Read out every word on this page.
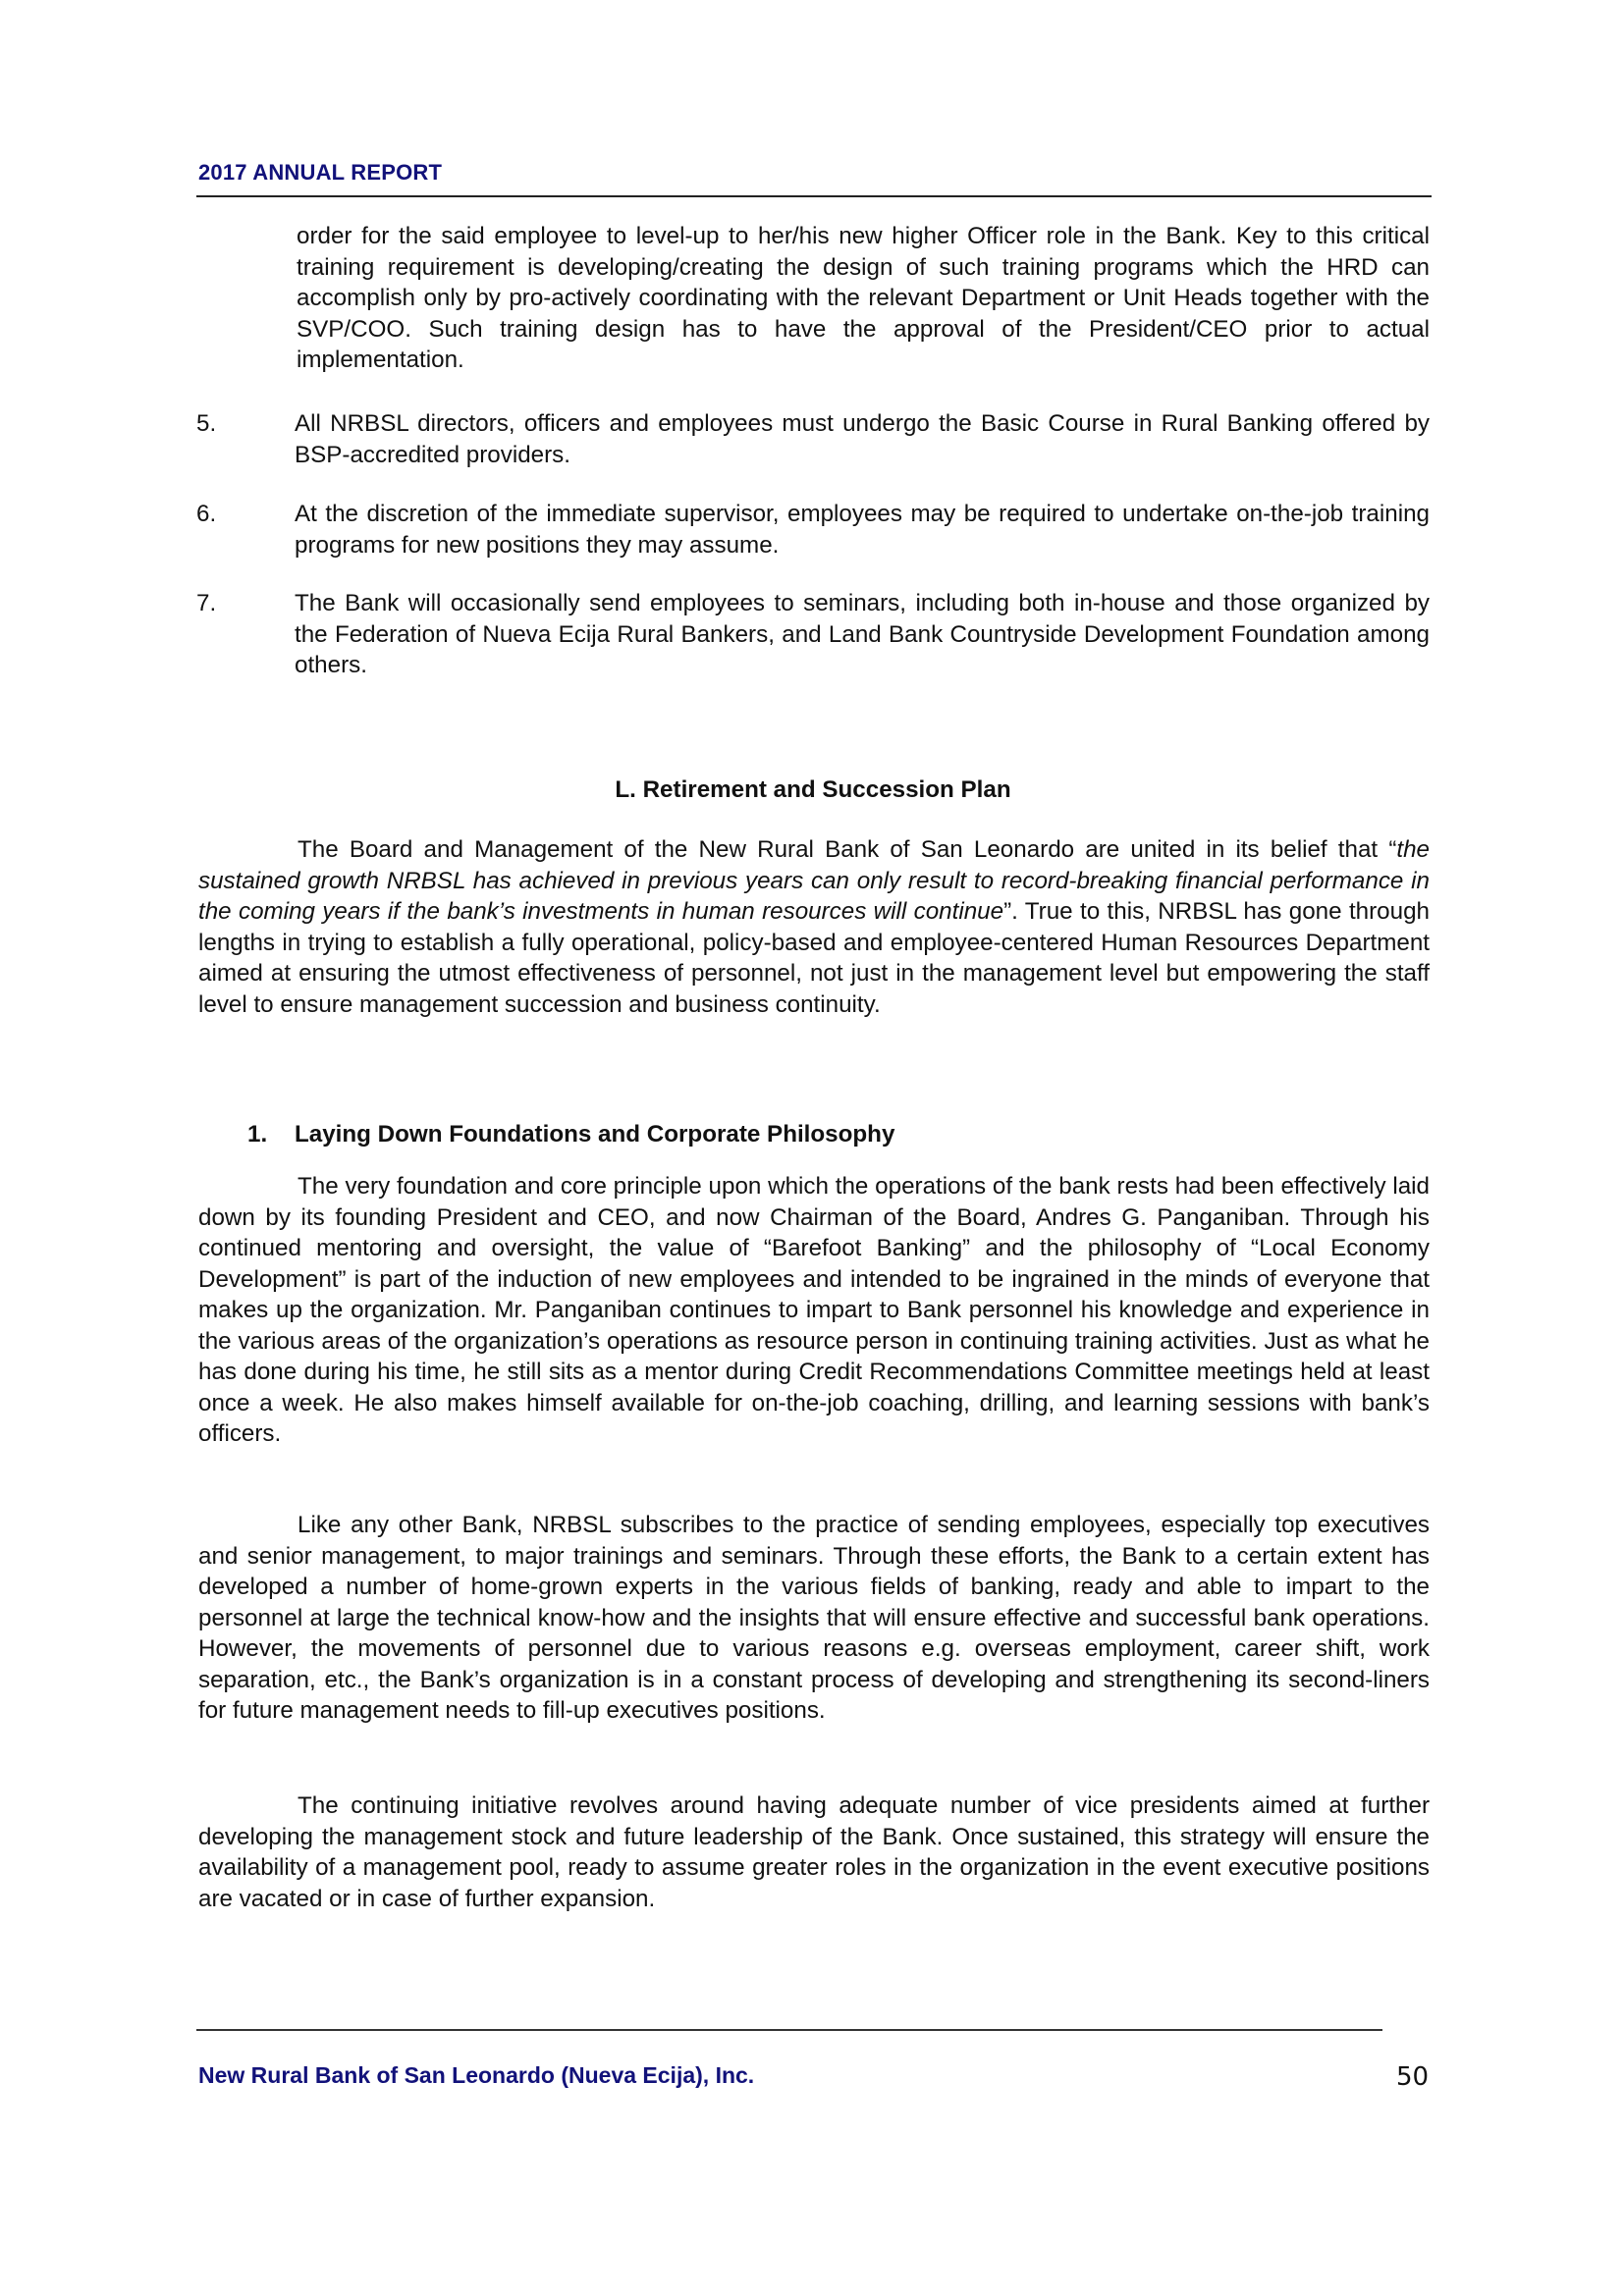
2017 ANNUAL REPORT
order for the said employee to level-up to her/his new higher Officer role in the Bank. Key to this critical training requirement is developing/creating the design of such training programs which the HRD can accomplish only by pro-actively coordinating with the relevant Department or Unit Heads together with the SVP/COO. Such training design has to have the approval of the President/CEO prior to actual implementation.
5.	All NRBSL directors, officers and employees must undergo the Basic Course in Rural Banking offered by BSP-accredited providers.
6.	At the discretion of the immediate supervisor, employees may be required to undertake on-the-job training programs for new positions they may assume.
7.	The Bank will occasionally send employees to seminars, including both in-house and those organized by the Federation of Nueva Ecija Rural Bankers, and Land Bank Countryside Development Foundation among others.
L. Retirement and Succession Plan
The Board and Management of the New Rural Bank of San Leonardo are united in its belief that “the sustained growth NRBSL has achieved in previous years can only result to record-breaking financial performance in the coming years if the bank’s investments in human resources will continue”. True to this, NRBSL has gone through lengths in trying to establish a fully operational, policy-based and employee-centered Human Resources Department aimed at ensuring the utmost effectiveness of personnel, not just in the management level but empowering the staff level to ensure management succession and business continuity.
1.	Laying Down Foundations and Corporate Philosophy
The very foundation and core principle upon which the operations of the bank rests had been effectively laid down by its founding President and CEO, and now Chairman of the Board, Andres G. Panganiban. Through his continued mentoring and oversight, the value of “Barefoot Banking” and the philosophy of “Local Economy Development” is part of the induction of new employees and intended to be ingrained in the minds of everyone that makes up the organization. Mr. Panganiban continues to impart to Bank personnel his knowledge and experience in the various areas of the organization’s operations as resource person in continuing training activities. Just as what he has done during his time, he still sits as a mentor during Credit Recommendations Committee meetings held at least once a week. He also makes himself available for on-the-job coaching, drilling, and learning sessions with bank’s officers.
Like any other Bank, NRBSL subscribes to the practice of sending employees, especially top executives and senior management, to major trainings and seminars. Through these efforts, the Bank to a certain extent has developed a number of home-grown experts in the various fields of banking, ready and able to impart to the personnel at large the technical know-how and the insights that will ensure effective and successful bank operations. However, the movements of personnel due to various reasons e.g. overseas employment, career shift, work separation, etc., the Bank’s organization is in a constant process of developing and strengthening its second-liners for future management needs to fill-up executives positions.
The continuing initiative revolves around having adequate number of vice presidents aimed at further developing the management stock and future leadership of the Bank. Once sustained, this strategy will ensure the availability of a management pool, ready to assume greater roles in the organization in the event executive positions are vacated or in case of further expansion.
New Rural Bank of San Leonardo (Nueva Ecija), Inc.	50
